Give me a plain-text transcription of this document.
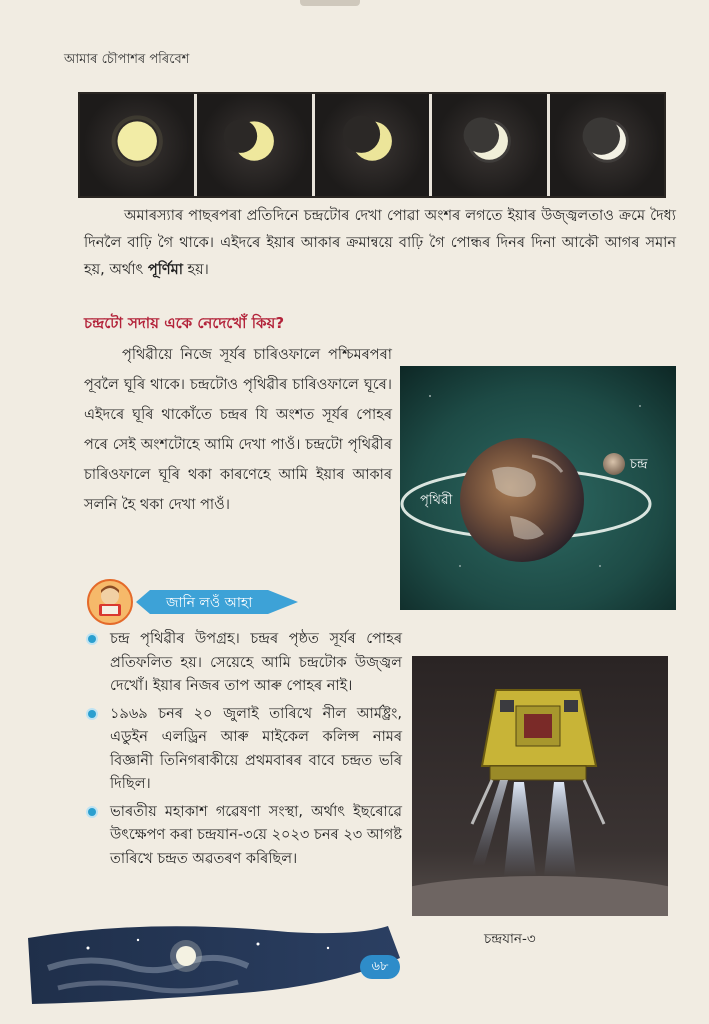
আমাৰ চৌপাশৰ পৰিবেশ
অমাৰস্যাৰ পাছৰপৰা প্ৰতিদিনে চন্দ্ৰটোৰ দেখা পোৱা অংশৰ লগতে ইয়াৰ উজ্জ্বলতাও ক্ৰমে দৈধ্য দিনলৈ বাঢ়ি গৈ থাকে। এইদৰে ইয়াৰ আকাৰ ক্ৰমান্বয়ে বাঢ়ি গৈ পোন্ধৰ দিনৰ দিনা আকৌ আগৰ সমান হয়, অৰ্থাৎ পূৰ্ণিমা হয়।
চন্দ্ৰটো সদায় একে নেদেখোঁ কিয়?
পৃথিৱীয়ে নিজে সূৰ্যৰ চাৰিওফালে পশ্চিমৰপৰা পূবলৈ ঘূৰি থাকে। চন্দ্ৰটোও পৃথিৱীৰ চাৰিওফালে ঘূৰে। এইদৰে ঘূৰি থাকোঁতে চন্দ্ৰৰ যি অংশত সূৰ্যৰ পোহৰ পৰে সেই অংশটোহে আমি দেখা পাওঁ। চন্দ্ৰটো পৃথিৱীৰ চাৰিওফালে ঘূৰি থকা কাৰণেহে আমি ইয়াৰ আকাৰ সলনি হৈ থকা দেখা পাওঁ।
চন্দ্ৰ
পৃথিৱী
জানি লওঁ আহা
চন্দ্ৰ পৃথিৱীৰ উপগ্ৰহ। চন্দ্ৰৰ পৃষ্ঠত সূৰ্যৰ পোহৰ প্ৰতিফলিত হয়। সেয়েহে আমি চন্দ্ৰটোক উজ্জ্বল দেখোঁ। ইয়াৰ নিজৰ তাপ আৰু পোহৰ নাই।
১৯৬৯ চনৰ ২০ জুলাই তাৰিখে নীল আৰ্মষ্ট্ৰং, এডুইন এলড্ৰিন আৰু মাইকেল কলিন্স নামৰ বিজ্ঞানী তিনিগৰাকীয়ে প্ৰথমবাৰৰ বাবে চন্দ্ৰত ভৰি দিছিল।
ভাৰতীয় মহাকাশ গৱেষণা সংস্থা, অৰ্থাৎ ইছৰোৱে উৎক্ষেপণ কৰা চন্দ্ৰযান-৩য়ে ২০২৩ চনৰ ২৩ আগষ্ট তাৰিখে চন্দ্ৰত অৱতৰণ কৰিছিল।
চন্দ্ৰযান-৩
৬৮
